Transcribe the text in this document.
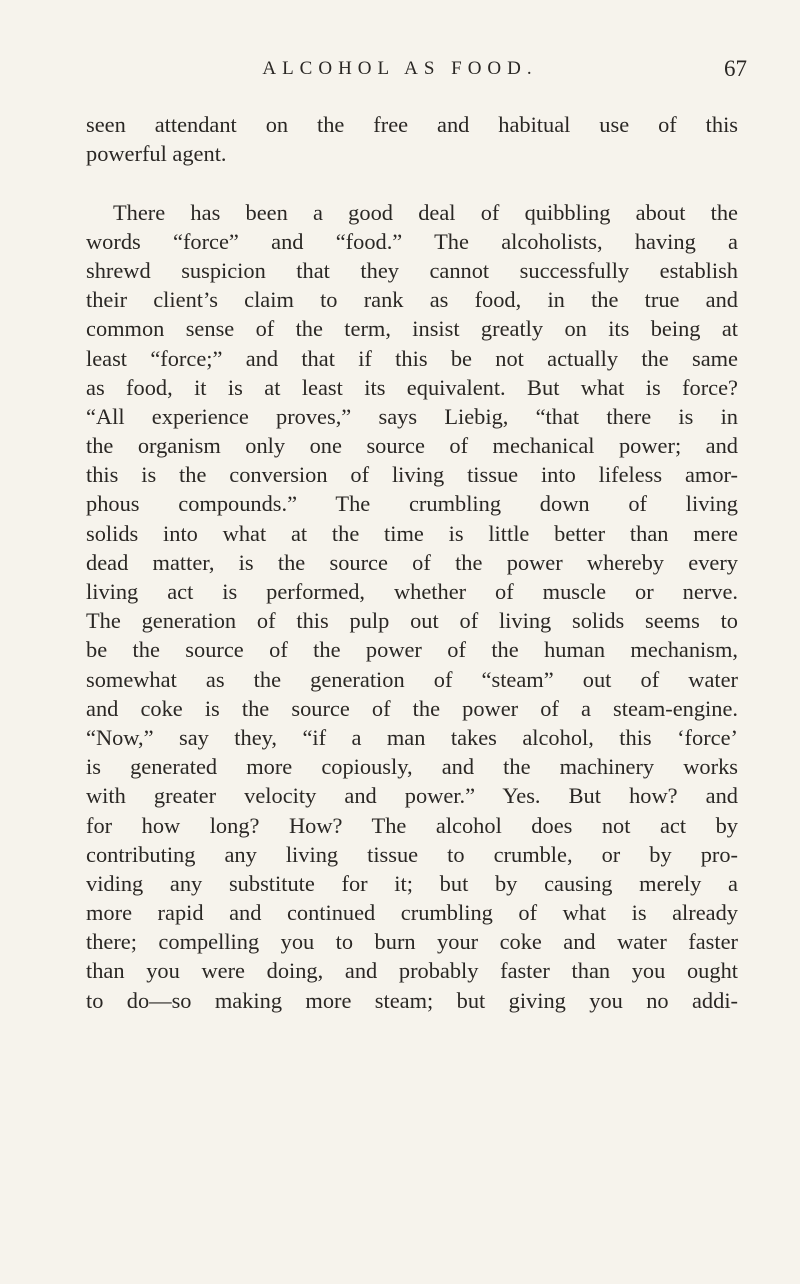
ALCOHOL AS FOOD.	67
seen attendant on the free and habitual use of this
powerful agent.
There has been a good deal of quibbling about the
words “force” and “food.” The alcoholists, having a
shrewd suspicion that they cannot successfully establish
their client’s claim to rank as food, in the true and
common sense of the term, insist greatly on its being at
least “force;” and that if this be not actually the same
as food, it is at least its equivalent. But what is force?
“All experience proves,” says Liebig, “that there is in
the organism only one source of mechanical power; and
this is the conversion of living tissue into lifeless amor-
phous compounds.” The crumbling down of living
solids into what at the time is little better than mere
dead matter, is the source of the power whereby every
living act is performed, whether of muscle or nerve.
The generation of this pulp out of living solids seems to
be the source of the power of the human mechanism,
somewhat as the generation of “steam” out of water
and coke is the source of the power of a steam-engine.
“Now,” say they, “if a man takes alcohol, this ‘force’
is generated more copiously, and the machinery works
with greater velocity and power.” Yes. But how? and
for how long? How? The alcohol does not act by
contributing any living tissue to crumble, or by pro-
viding any substitute for it; but by causing merely a
more rapid and continued crumbling of what is already
there; compelling you to burn your coke and water faster
than you were doing, and probably faster than you ought
to do—so making more steam; but giving you no addi-
